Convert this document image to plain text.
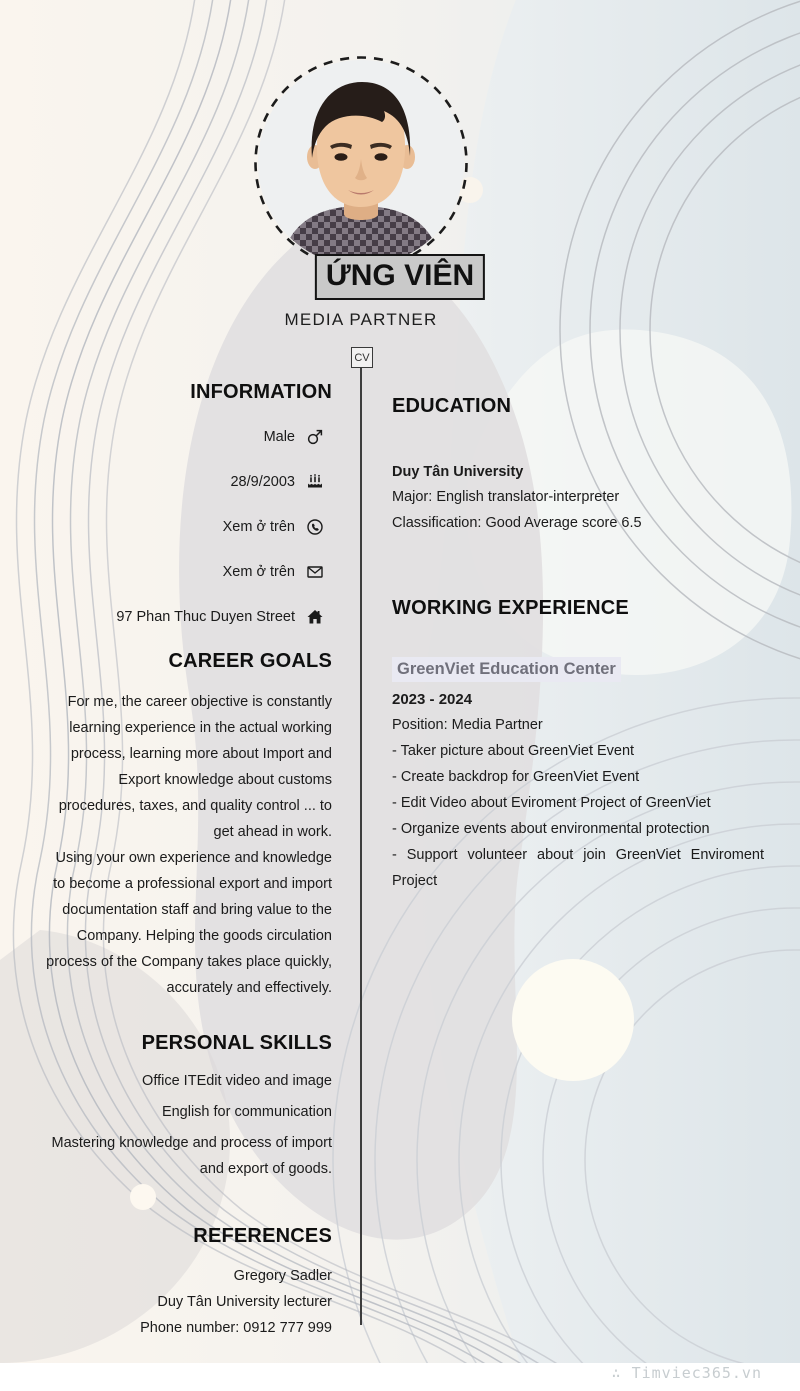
ỨNG VIÊN
MEDIA PARTNER
CV
INFORMATION
Male
28/9/2003
Xem ở trên
Xem ở trên
97 Phan Thuc Duyen Street
CAREER GOALS

For me, the career objective is constantly learning experience in the actual working process, learning more about Import and Export knowledge about customs procedures, taxes, and quality control ... to get ahead in work.

Using your own experience and knowledge to become a professional export and import documentation staff and bring value to the Company. Helping the goods circulation process of the Company takes place quickly, accurately and effectively.

PERSONAL SKILLS
Office ITEdit video and image
English for communication
Mastering knowledge and process of import and export of goods.
REFERENCES
Gregory Sadler
Duy Tân University lecturer
Phone number: 0912 777 999
EDUCATION
Duy Tân University
Major: English translator-interpreter
Classification: Good Average score 6.5
WORKING EXPERIENCE
GreenViet Education Center
2023 - 2024
Position: Media Partner
- Taker picture about GreenViet Event
- Create backdrop for GreenViet Event
- Edit Video about Eviroment Project of GreenViet
- Organize events about environmental protection
- Support volunteer about join GreenViet Enviroment Project
∴ Timviec365.vn
